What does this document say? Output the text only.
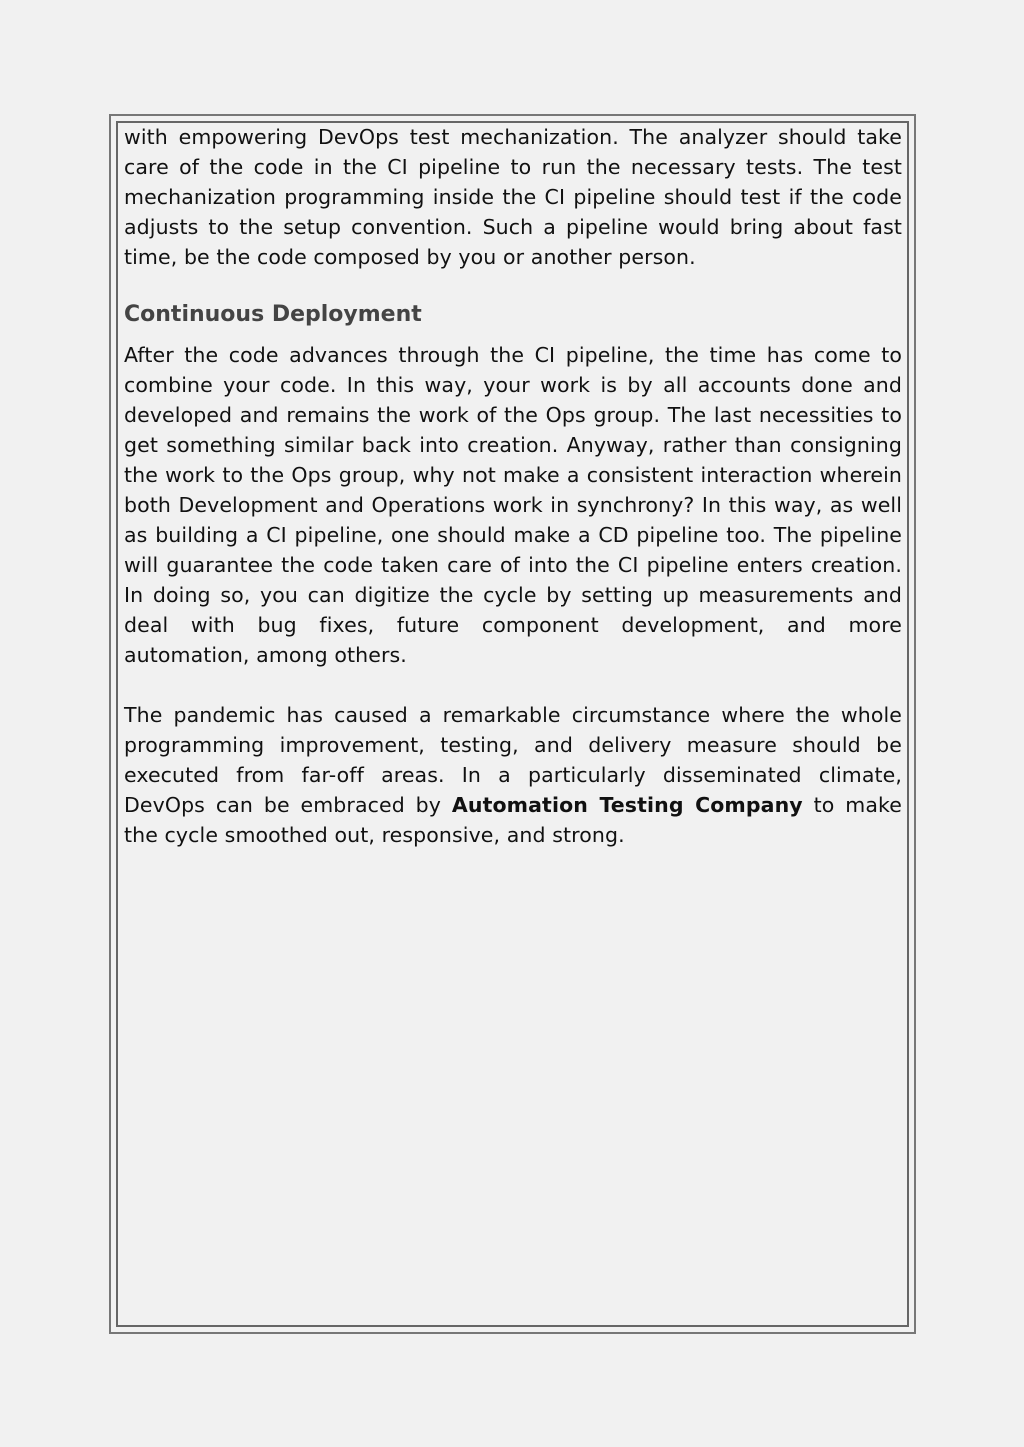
with empowering DevOps test mechanization. The analyzer should take care of the code in the CI pipeline to run the necessary tests. The test mechanization programming inside the CI pipeline should test if the code adjusts to the setup convention. Such a pipeline would bring about fast time, be the code composed by you or another person.

Continuous Deployment

After the code advances through the CI pipeline, the time has come to combine your code. In this way, your work is by all accounts done and developed and remains the work of the Ops group. The last necessities to get something similar back into creation. Anyway, rather than consigning the work to the Ops group, why not make a consistent interaction wherein both Development and Operations work in synchrony? In this way, as well as building a CI pipeline, one should make a CD pipeline too. The pipeline will guarantee the code taken care of into the CI pipeline enters creation. In doing so, you can digitize the cycle by setting up measurements and deal with bug fixes, future component development, and more automation, among others.

The pandemic has caused a remarkable circumstance where the whole programming improvement, testing, and delivery measure should be executed from far-off areas. In a particularly disseminated climate, DevOps can be embraced by Automation Testing Company to make the cycle smoothed out, responsive, and strong.
